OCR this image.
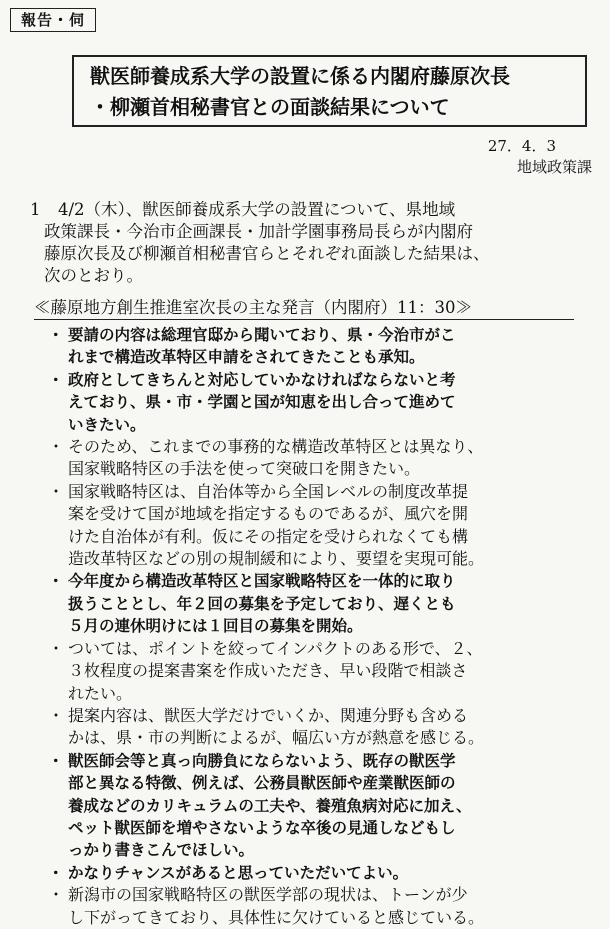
報告・伺
獣医師養成系大学の設置に係る内閣府藤原次長
・柳瀬首相秘書官との面談結果について
27．4．3
地域政策課
1 4/2（木）、獣医師養成系大学の設置について、県地域
政策課長・今治市企画課長・加計学園事務局長らが内閣府
藤原次長及び柳瀬首相秘書官らとそれぞれ面談した結果は、
次のとおり。
≪藤原地方創生推進室次長の主な発言（内閣府）11：30≫
・ 要請の内容は総理官邸から聞いており、県・今治市がこ
れまで構造改革特区申請をされてきたことも承知。
・ 政府としてきちんと対応していかなければならないと考
えており、県・市・学園と国が知恵を出し合って進めて
いきたい。
・ そのため、これまでの事務的な構造改革特区とは異なり、
国家戦略特区の手法を使って突破口を開きたい。
・ 国家戦略特区は、自治体等から全国レベルの制度改革提
案を受けて国が地域を指定するものであるが、風穴を開
けた自治体が有利。仮にその指定を受けられなくても構
造改革特区などの別の規制緩和により、要望を実現可能。
・ 今年度から構造改革特区と国家戦略特区を一体的に取り
扱うこととし、年２回の募集を予定しており、遅くとも
５月の連休明けには１回目の募集を開始。
・ ついては、ポイントを絞ってインパクトのある形で、２、
３枚程度の提案書案を作成いただき、早い段階で相談さ
れたい。
・ 提案内容は、獣医大学だけでいくか、関連分野も含める
かは、県・市の判断によるが、幅広い方が熱意を感じる。
・ 獣医師会等と真っ向勝負にならないよう、既存の獣医学
部と異なる特徴、例えば、公務員獣医師や産業獣医師の
養成などのカリキュラムの工夫や、養殖魚病対応に加え、
ペット獣医師を増やさないような卒後の見通しなどもし
っかり書きこんでほしい。
・ かなりチャンスがあると思っていただいてよい。
・ 新潟市の国家戦略特区の獣医学部の現状は、トーンが少
し下がってきており、具体性に欠けていると感じている。
